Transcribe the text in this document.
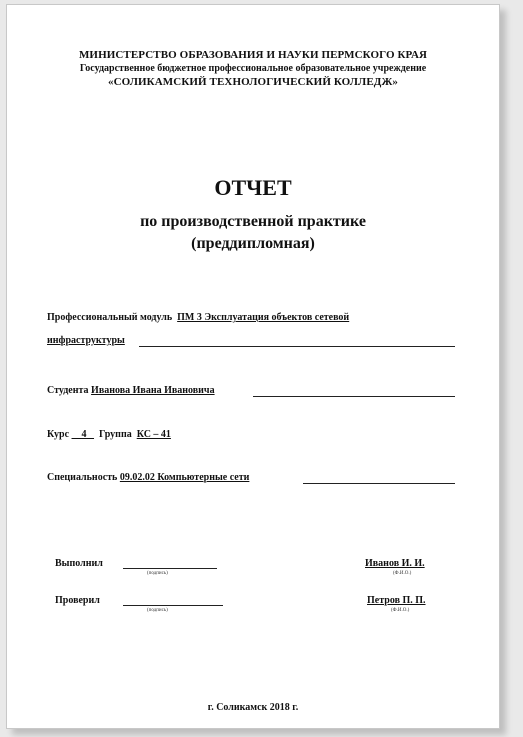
МИНИСТЕРСТВО ОБРАЗОВАНИЯ И НАУКИ ПЕРМСКОГО КРАЯ
Государственное бюджетное профессиональное образовательное учреждение
«СОЛИКАМСКИЙ ТЕХНОЛОГИЧЕСКИЙ КОЛЛЕДЖ»
ОТЧЕТ
по производственной практике
(преддипломная)
Профессиональный модуль ПМ 3 Эксплуатация объектов сетевой
инфраструктуры
Студента Иванова Ивана Ивановича
Курс 4 Группа КС – 41
Специальность 09.02.02 Компьютерные сети
Выполнил
(подпись)
Иванов И. И.
(Ф.И.О.)
Проверил
(подпись)
Петров П. П.
(Ф.И.О.)
г. Соликамск 2018 г.
